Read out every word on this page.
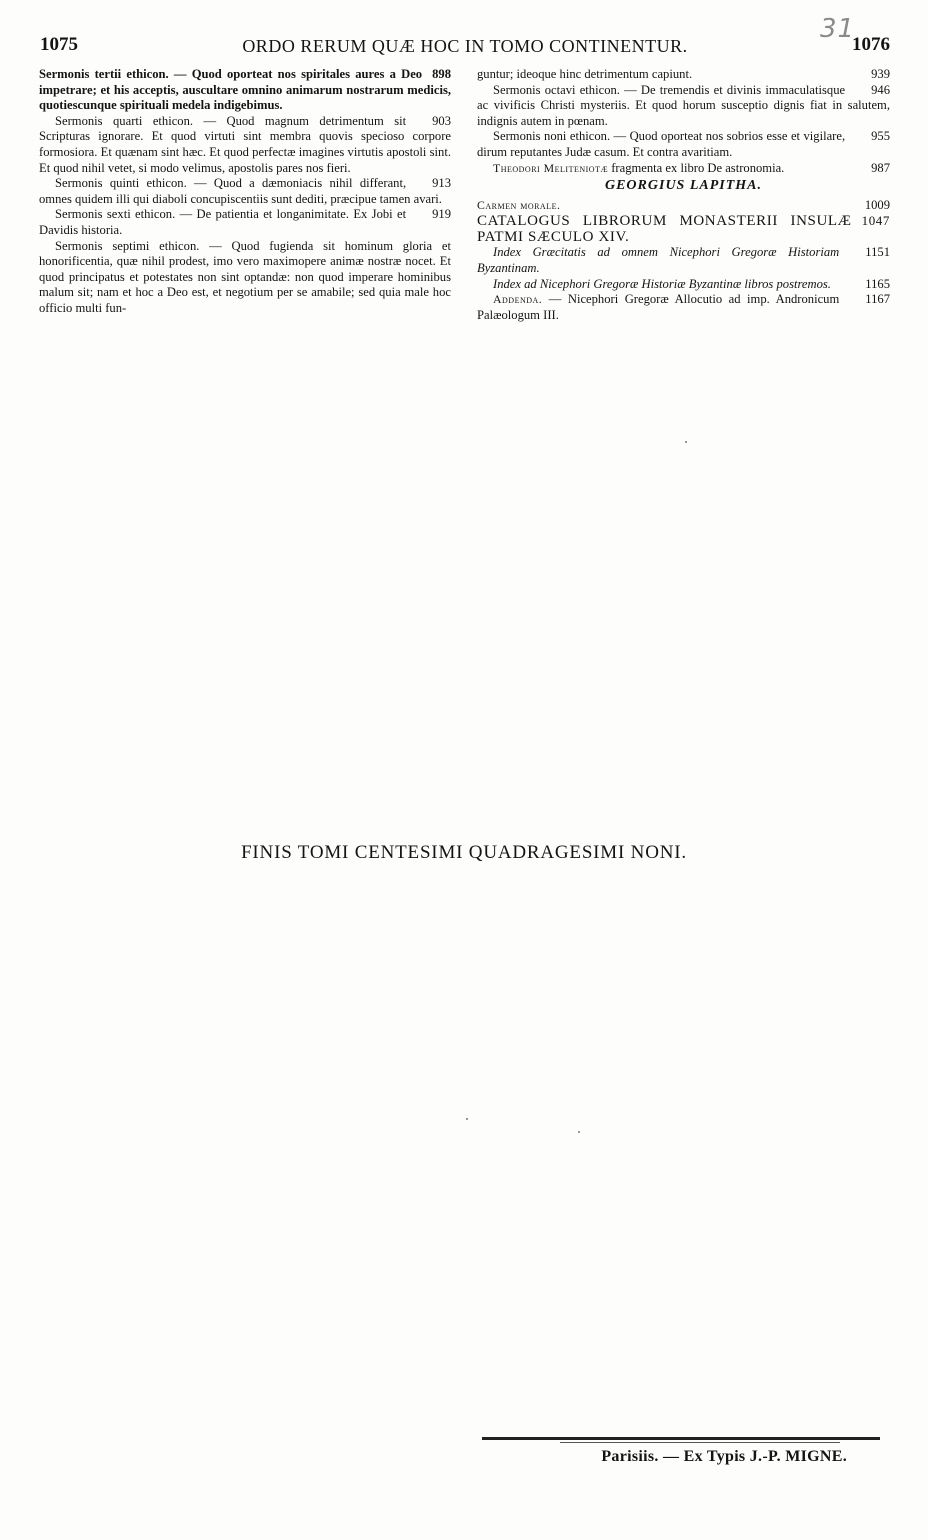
31
1075	ORDO RERUM QUÆ HOC IN TOMO CONTINENTUR.	1076

898
Sermonis tertii ethicon. — Quod oporteat nos spiritales aures a Deo impetrare; et his acceptis, auscultare omnino animarum nostrarum medicis, quotiescunque spirituali medela indigebimus.

903
Sermonis quarti ethicon. — Quod magnum detrimentum sit Scripturas ignorare. Et quod virtuti sint membra quovis specioso corpore formosiora. Et quænam sint hæc. Et quod perfectæ imagines virtutis apostoli sint. Et quod nihil vetet, si modo velimus, apostolis pares nos fieri.

913
Sermonis quinti ethicon. — Quod a dæmoniacis nihil differant, omnes quidem illi qui diaboli concupiscentiis sunt dediti, præcipue tamen avari.

919
Sermonis sexti ethicon. — De patientia et longanimitate. Ex Jobi et Davidis historia.

Sermonis septimi ethicon. — Quod fugienda sit hominum gloria et honorificentia, quæ nihil prodest, imo vero maximopere animæ nostræ nocet. Et quod principatus et potestates non sint optandæ: non quod imperare hominibus malum sit; nam et hoc a Deo est, et negotium per se amabile; sed quia male hoc officio multi fun-

939
guntur; ideoque hinc detrimentum capiunt.

946
Sermonis octavi ethicon. — De tremendis et divinis immaculatisque ac vivificis Christi mysteriis. Et quod horum susceptio dignis fiat in salutem, indignis autem in pœnam.

955
Sermonis noni ethicon. — Quod oporteat nos sobrios esse et vigilare, dirum reputantes Judæ casum. Et contra avaritiam.

987
Theodori Meliteniotæ fragmenta ex libro De astronomia.

GEORGIUS LAPITHA.

1009
Carmen morale.

1047
CATALOGUS LIBRORUM MONASTERII INSULÆ PATMI SÆCULO XIV.

1151
Index Græcitatis ad omnem Nicephori Gregoræ Historiam Byzantinam.

1165
Index ad Nicephori Gregoræ Historiæ Byzantinæ libros postremos.

1167
Addenda. — Nicephori Gregoræ Allocutio ad imp. Andronicum Palæologum III.

FINIS TOMI CENTESIMI QUADRAGESIMI NONI.
Parisiis. — Ex Typis J.-P. MIGNE.
